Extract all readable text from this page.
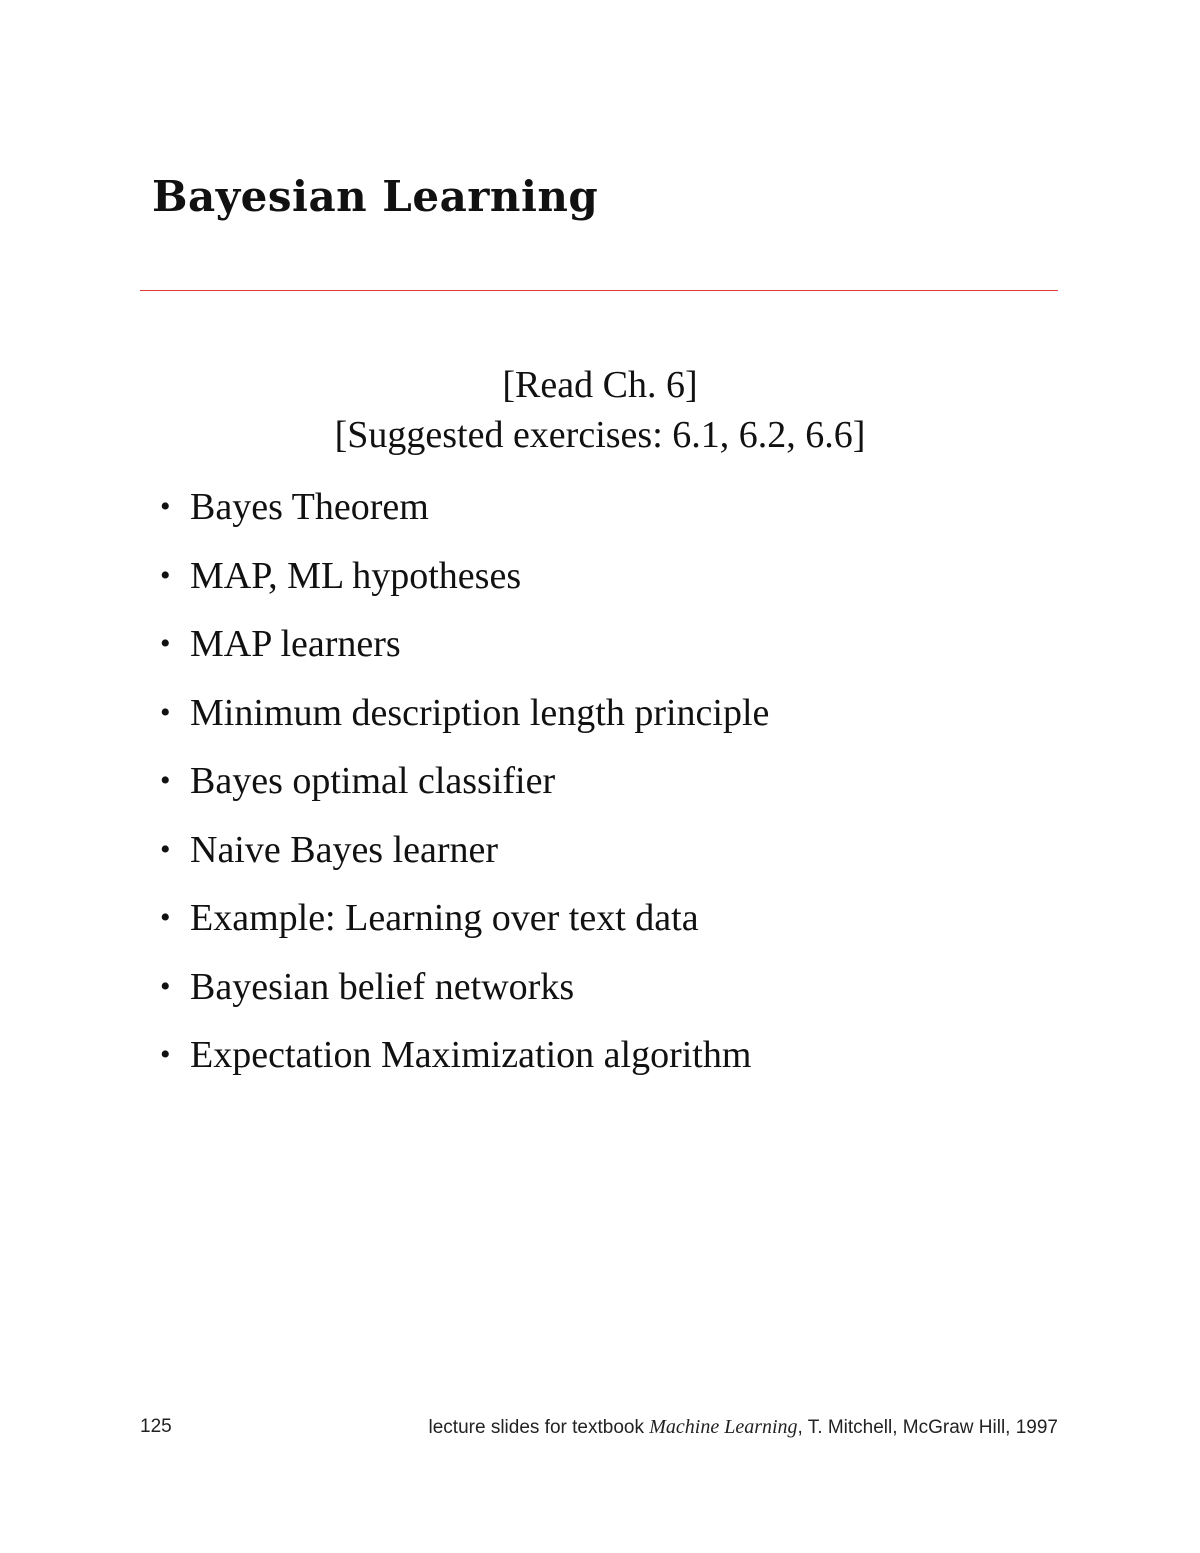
Bayesian Learning
[Read Ch. 6]
[Suggested exercises: 6.1, 6.2, 6.6]
• Bayes Theorem
• MAP, ML hypotheses
• MAP learners
• Minimum description length principle
• Bayes optimal classifier
• Naive Bayes learner
• Example: Learning over text data
• Bayesian belief networks
• Expectation Maximization algorithm
125	lecture slides for textbook Machine Learning, T. Mitchell, McGraw Hill, 1997
